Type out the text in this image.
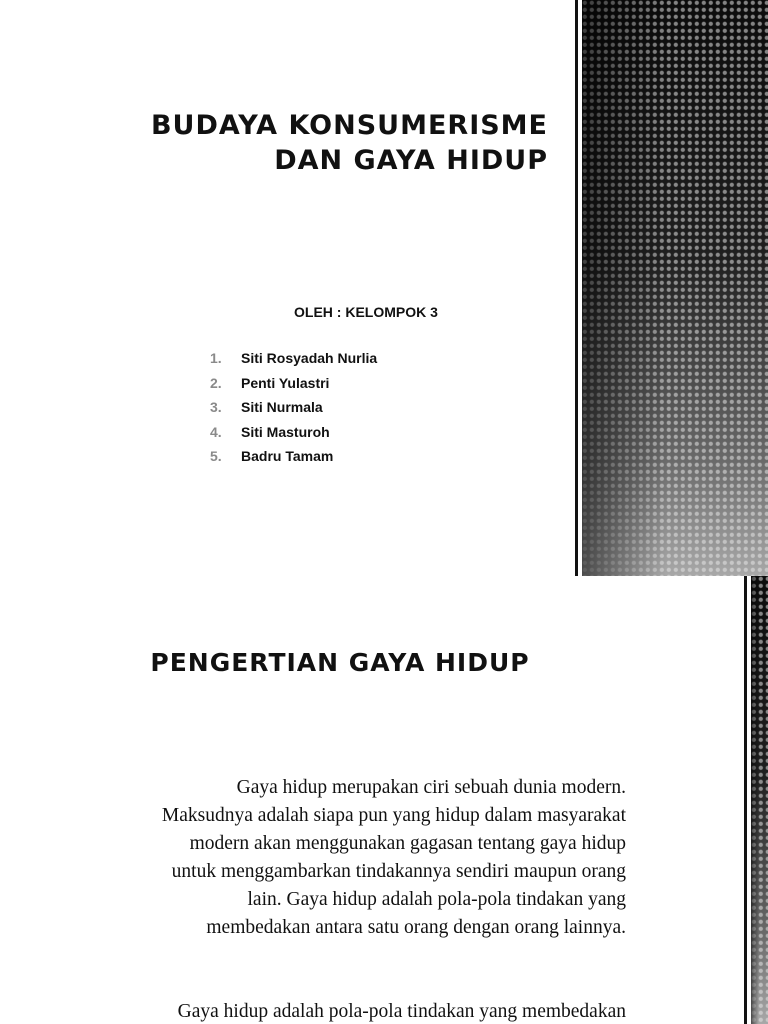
BUDAYA KONSUMERISME
DAN GAYA HIDUP

OLEH : KELOMPOK 3

1. Siti Rosyadah Nurlia
2. Penti Yulastri
3. Siti Nurmala
4. Siti Masturoh
5. Badru Tamam
PENGERTIAN GAYA HIDUP

Gaya hidup merupakan ciri sebuah dunia modern.
Maksudnya adalah siapa pun yang hidup dalam masyarakat
modern akan menggunakan gagasan tentang gaya hidup
untuk menggambarkan tindakannya sendiri maupun orang
lain. Gaya hidup adalah pola-pola tindakan yang
membedakan antara satu orang dengan orang lainnya.

Gaya hidup adalah pola-pola tindakan yang membedakan
